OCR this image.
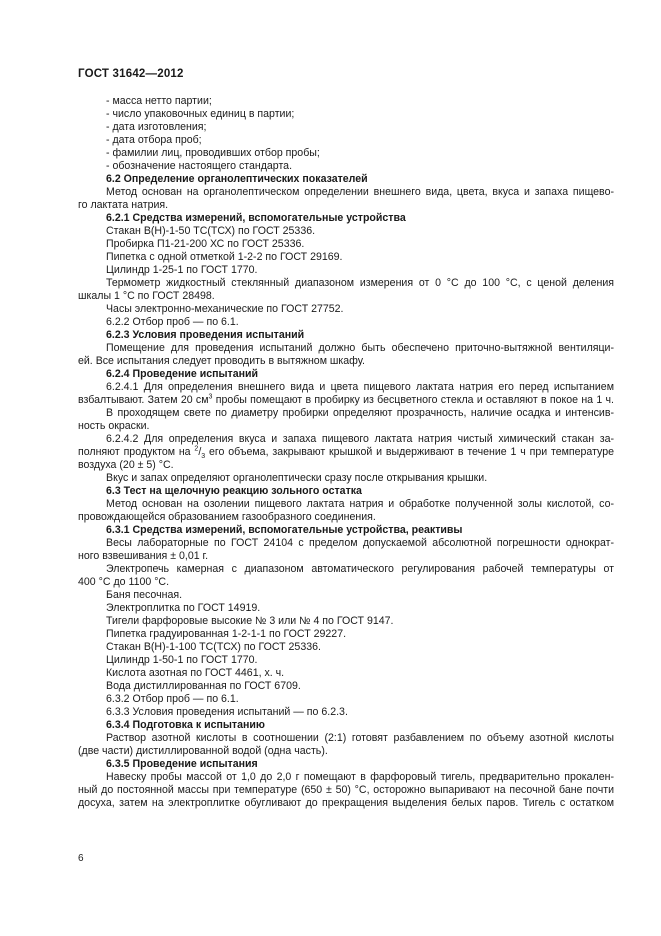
ГОСТ 31642—2012

- масса нетто партии;

- число упаковочных единиц в партии;

- дата изготовления;

- дата отбора проб;

- фамилии лиц, проводивших отбор пробы;

- обозначение настоящего стандарта.

6.2 Определение органолептических показателей

Метод основан на органолептическом определении внешнего вида, цвета, вкуса и запаха пищево-

го лактата натрия.

6.2.1 Средства измерений, вспомогательные устройства

Стакан В(Н)-1-50 ТС(ТСХ) по ГОСТ 25336.

Пробирка П1-21-200 ХС по ГОСТ 25336.

Пипетка с одной отметкой 1-2-2 по ГОСТ 29169.

Цилиндр 1-25-1 по ГОСТ 1770.

Термометр жидкостный стеклянный диапазоном измерения от 0 °С до 100 °С, с ценой деления

шкалы 1 °С по ГОСТ 28498.

Часы электронно-механические по ГОСТ 27752.

6.2.2 Отбор проб — по 6.1.

6.2.3 Условия проведения испытаний

Помещение для проведения испытаний должно быть обеспечено приточно-вытяжной вентиляци-

ей. Все испытания следует проводить в вытяжном шкафу.

6.2.4 Проведение испытаний

6.2.4.1 Для определения внешнего вида и цвета пищевого лактата натрия его перед испытанием

взбалтывают. Затем 20 $см^3$ пробы помещают в пробирку из бесцветного стекла и оставляют в покое на 1 ч.

В проходящем свете по диаметру пробирки определяют прозрачность, наличие осадка и интенсив-

ность окраски.

6.2.4.2 Для определения вкуса и запаха пищевого лактата натрия чистый химический стакан за-

полняют продуктом на $^2/_3$ его объема, закрывают крышкой и выдерживают в течение 1 ч при температуре

воздуха (20 ± 5) °С.

Вкус и запах определяют органолептически сразу после открывания крышки.

6.3 Тест на щелочную реакцию зольного остатка

Метод основан на озолении пищевого лактата натрия и обработке полученной золы кислотой, со-

провождающейся образованием газообразного соединения.

6.3.1 Средства измерений, вспомогательные устройства, реактивы

Весы лабораторные по ГОСТ 24104 с пределом допускаемой абсолютной погрешности однократ-

ного взвешивания ± 0,01 г.

Электропечь камерная с диапазоном автоматического регулирования рабочей температуры от

400 °С до 1100 °С.

Баня песочная.

Электроплитка по ГОСТ 14919.

Тигели фарфоровые высокие № 3 или № 4 по ГОСТ 9147.

Пипетка градуированная 1-2-1-1 по ГОСТ 29227.

Стакан В(Н)-1-100 ТС(ТСХ) по ГОСТ 25336.

Цилиндр 1-50-1 по ГОСТ 1770.

Кислота азотная по ГОСТ 4461, х. ч.

Вода дистиллированная по ГОСТ 6709.

6.3.2 Отбор проб — по 6.1.

6.3.3 Условия проведения испытаний — по 6.2.3.

6.3.4 Подготовка к испытанию

Раствор азотной кислоты в соотношении (2:1) готовят разбавлением по объему азотной кислоты

(две части) дистиллированной водой (одна часть).

6.3.5 Проведение испытания

Навеску пробы массой от 1,0 до 2,0 г помещают в фарфоровый тигель, предварительно прокален-

ный до постоянной массы при температуре (650 ± 50) °С, осторожно выпаривают на песочной бане почти

досуха, затем на электроплитке обугливают до прекращения выделения белых паров. Тигель с остатком

6
